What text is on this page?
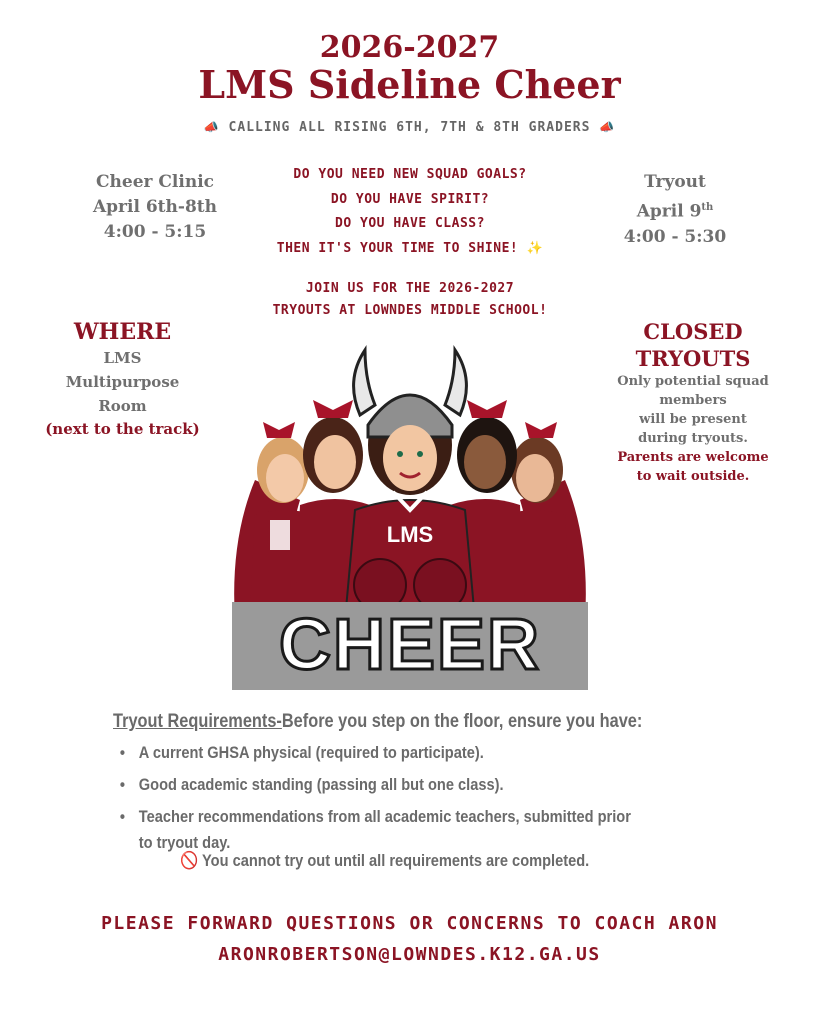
2026-2027
LMS Sideline Cheer
📣 CALLING ALL RISING 6TH, 7TH & 8TH GRADERS 📣
Cheer Clinic
April 6th-8th
4:00 - 5:15
Tryout
April 9th
4:00 - 5:30
DO YOU NEED NEW SQUAD GOALS?
DO YOU HAVE SPIRIT?
DO YOU HAVE CLASS?
THEN IT'S YOUR TIME TO SHINE! ✨
JOIN US FOR THE 2026-2027
TRYOUTS AT LOWNDES MIDDLE SCHOOL!
WHERE
LMS
Multipurpose
Room
(next to the track)
CLOSED
TRYOUTS
Only potential squad
members
will be present
during tryouts.
Parents are welcome
to wait outside.
LMS
CHEER
Tryout Requirements-Before you step on the floor, ensure you have:
• A current GHSA physical (required to participate).
• Good academic standing (passing all but one class).
• Teacher recommendations from all academic teachers, submitted prior to tryout day.
🚫 You cannot try out until all requirements are completed.
PLEASE FORWARD QUESTIONS OR CONCERNS TO COACH ARON
ARONROBERTSON@LOWNDES.K12.GA.US
